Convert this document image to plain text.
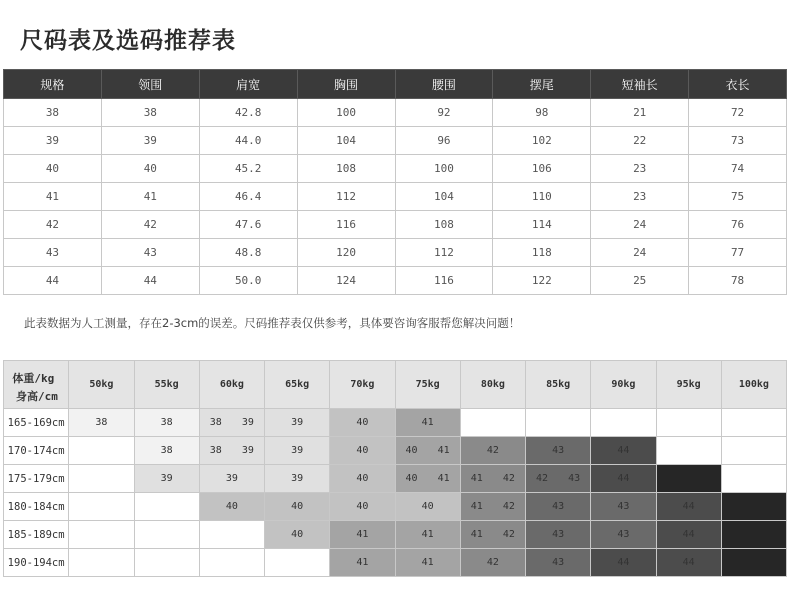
尺码表及选码推荐表
规格	领围	肩宽	胸围	腰围	摆尾	短袖长	衣长
38	38	42.8	100	92	98	21	72
39	39	44.0	104	96	102	22	73
40	40	45.2	108	100	106	23	74
41	41	46.4	112	104	110	23	75
42	42	47.6	116	108	114	24	76
43	43	48.8	120	112	118	24	77
44	44	50.0	124	116	122	25	78

此表数据为人工测量，存在2-3cm的误差。尺码推荐表仅供参考，具体要咨询客服帮您解决问题！

体重/kg
身高/cm	50kg	55kg	60kg	65kg	70kg	75kg	80kg	85kg	90kg	95kg	100kg
165-169cm	38	38	38 39	39	40	41					
170-174cm		38	38 39	39	40	40 41	42	43	44		
175-179cm		39	39	39	40	40 41	41 42	42 43	44		
180-184cm			40	40	40	40	41 42	43	43	44	
185-189cm				40	41	41	41 42	43	43	44	
190-194cm					41	41	42	43	44	44	
